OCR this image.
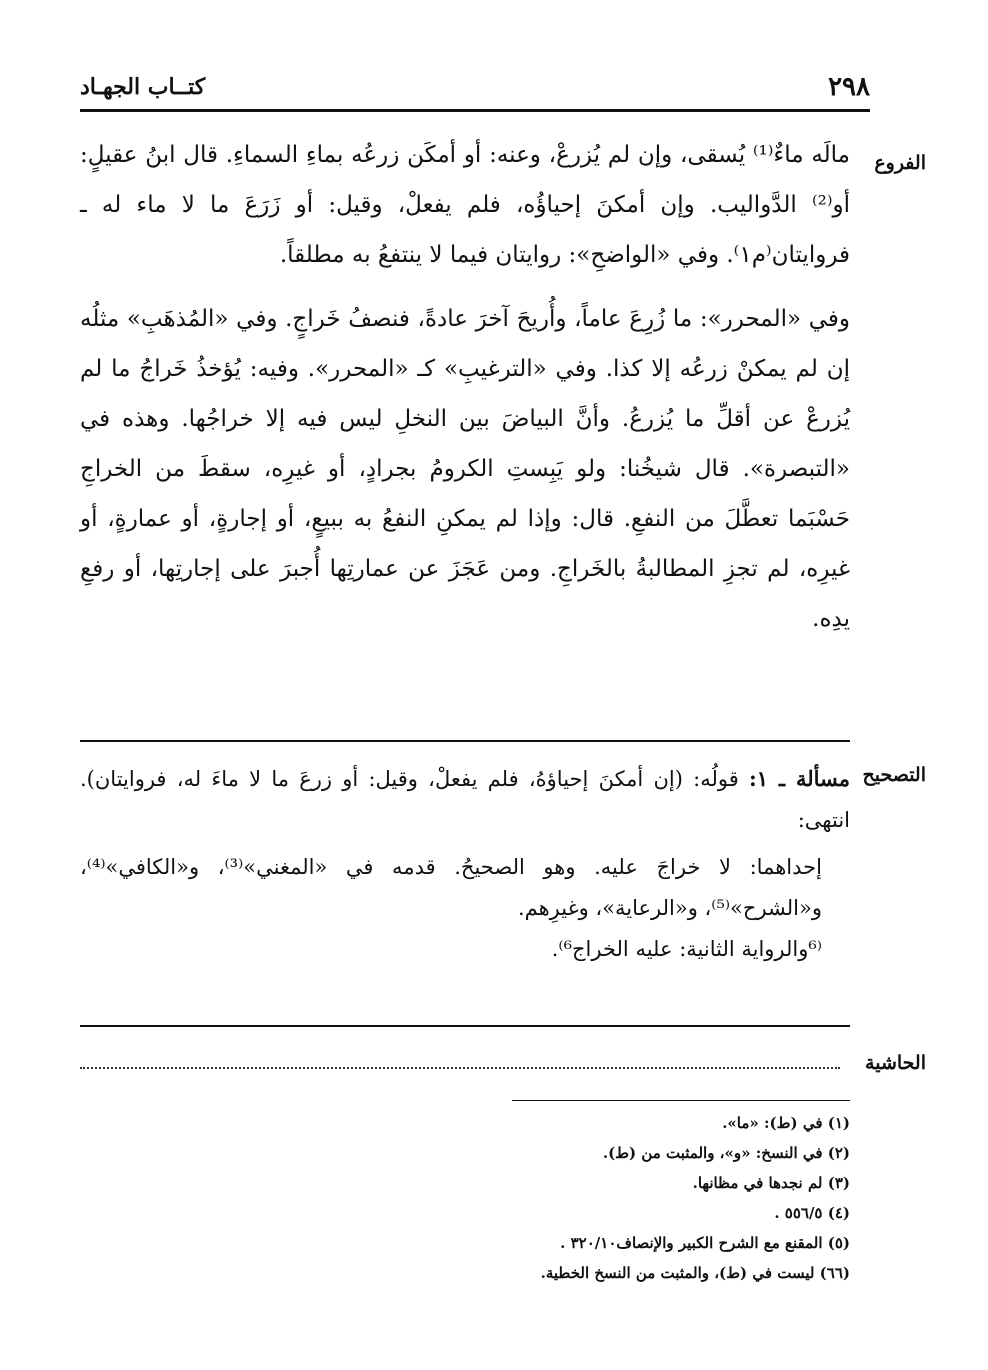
٢٩٨
كتــاب الجهـاد
الفروع

مالَه ماءٌ⁽¹⁾ يُسقى، وإن لم يُزرعْ، وعنه: أو أمكَن زرعُه بماءِ السماءِ. قال ابنُ عقيلٍ: أو⁽²⁾ الدَّواليب. وإن أمكنَ إحياؤُه، فلم يفعلْ، وقيل: أو زَرَعَ ما لا ماء له ـ فروايتان⁽م١⁾. وفي «الواضحِ»: روايتان فيما لا ينتفعُ به مطلقاً.

وفي «المحرر»: ما زُرِعَ عاماً، وأُريحَ آخرَ عادةً، فنصفُ خَراجٍ. وفي «المُذهَبِ» مثلُه إن لم يمكنْ زرعُه إلا كذا. وفي «الترغيبِ» كـ «المحرر». وفيه: يُؤخذُ خَراجُ ما لم يُزرعْ عن أقلِّ ما يُزرعُ. وأنَّ البياضَ بين النخلِ ليس فيه إلا خراجُها. وهذه في «التبصرة». قال شيخُنا: ولو يَبِستِ الكرومُ بجرادٍ، أو غيرِه، سقطَ من الخراجِ حَسْبَما تعطَّلَ من النفعِ. قال: وإذا لم يمكنِ النفعُ به ببيعٍ، أو إجارةٍ، أو عمارةٍ، أو غيرِه، لم تجزِ المطالبةُ بالخَراجِ. ومن عَجَزَ عن عمارتِها أُجبرَ على إجارتِها، أو رفعِ يدِه.

التصحيح

مسألة ـ ١: قولُه: (إن أمكنَ إحياؤهُ، فلم يفعلْ، وقيل: أو زرعَ ما لا ماءَ له، فروايتان). انتهى:

إحداهما: لا خراجَ عليه. وهو الصحيحُ. قدمه في «المغني»⁽³⁾، و«الكافي»⁽⁴⁾، و«الشرح»⁽⁵⁾، و«الرعاية»، وغيرِهم.

⁽⁶والرواية الثانية: عليه الخراج⁶⁾.

الحاشية
(١) في (ط): «ما».
(٢) في النسخ: «و»، والمثبت من (ط).
(٣) لم نجدها في مظانها.
(٤) ٥٥٦/٥ .
(٥) المقنع مع الشرح الكبير والإنصاف٣٢٠/١٠ .
(٦٦) ليست في (ط)، والمثبت من النسخ الخطية.
